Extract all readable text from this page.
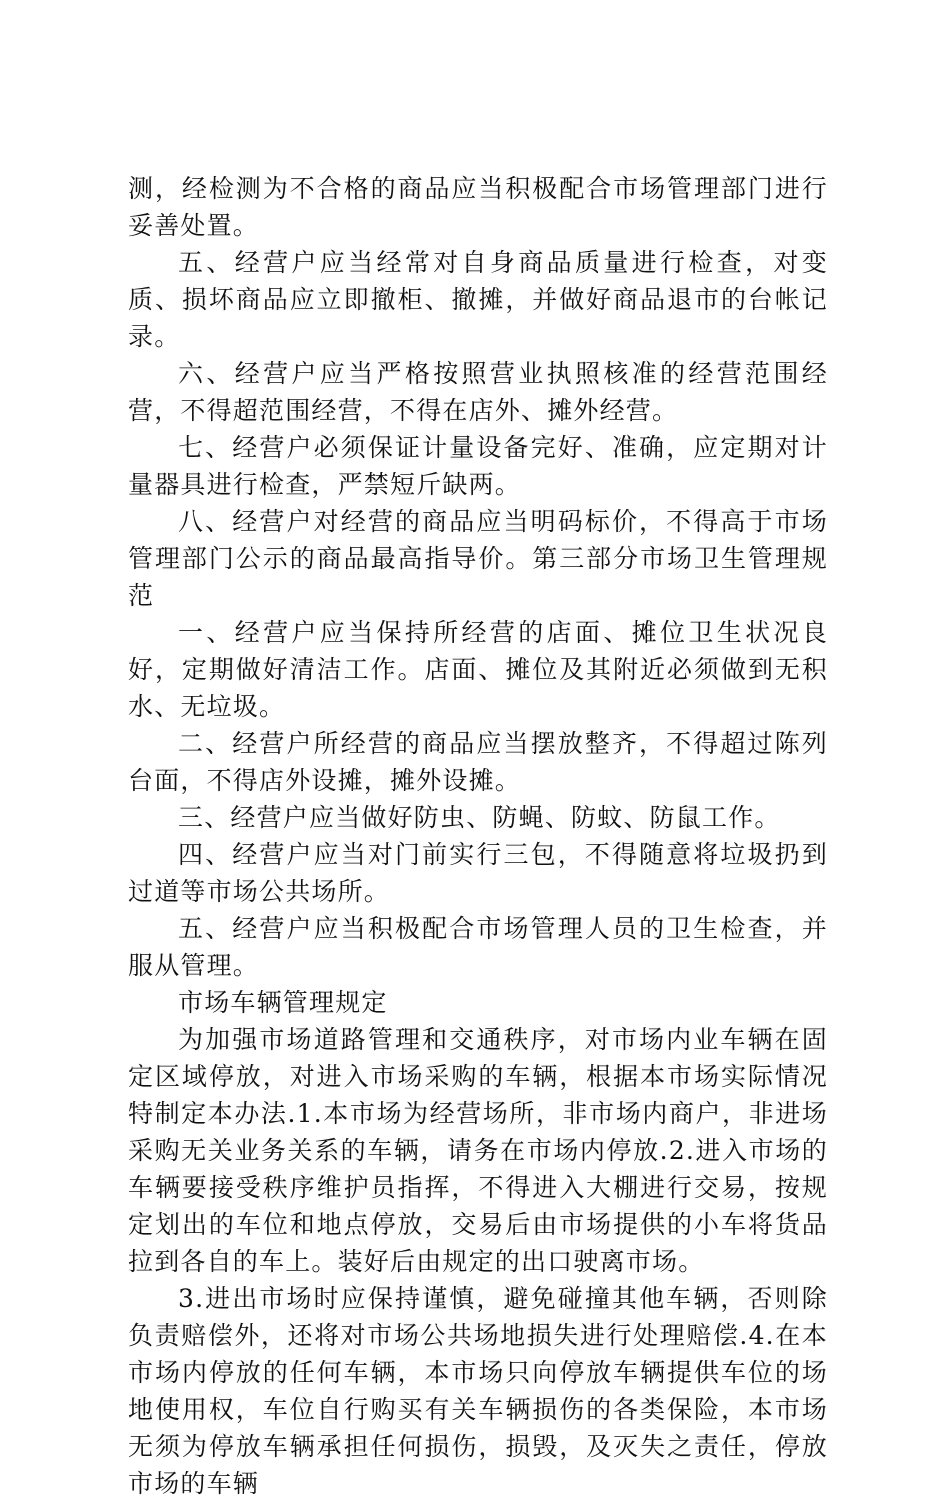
测，经检测为不合格的商品应当积极配合市场管理部门进行妥善处置。

五、经营户应当经常对自身商品质量进行检查，对变质、损坏商品应立即撤柜、撤摊，并做好商品退市的台帐记录。

六、经营户应当严格按照营业执照核准的经营范围经营，不得超范围经营，不得在店外、摊外经营。

七、经营户必须保证计量设备完好、准确，应定期对计量器具进行检查，严禁短斤缺两。

八、经营户对经营的商品应当明码标价，不得高于市场管理部门公示的商品最高指导价。第三部分市场卫生管理规范

一、经营户应当保持所经营的店面、摊位卫生状况良好，定期做好清洁工作。店面、摊位及其附近必须做到无积水、无垃圾。

二、经营户所经营的商品应当摆放整齐，不得超过陈列台面，不得店外设摊，摊外设摊。

三、经营户应当做好防虫、防蝇、防蚊、防鼠工作。

四、经营户应当对门前实行三包，不得随意将垃圾扔到过道等市场公共场所。

五、经营户应当积极配合市场管理人员的卫生检查，并服从管理。

市场车辆管理规定

为加强市场道路管理和交通秩序，对市场内业车辆在固定区域停放，对进入市场采购的车辆，根据本市场实际情况特制定本办法.1.本市场为经营场所，非市场内商户，非进场采购无关业务关系的车辆，请务在市场内停放.2.进入市场的车辆要接受秩序维护员指挥，不得进入大棚进行交易，按规定划出的车位和地点停放，交易后由市场提供的小车将货品拉到各自的车上。装好后由规定的出口驶离市场。

3.进出市场时应保持谨慎，避免碰撞其他车辆，否则除负责赔偿外，还将对市场公共场地损失进行处理赔偿.4.在本市场内停放的任何车辆，本市场只向停放车辆提供车位的场地使用权，车位自行购买有关车辆损伤的各类保险，本市场无须为停放车辆承担任何损伤，损毁，及灭失之责任，停放市场的车辆
